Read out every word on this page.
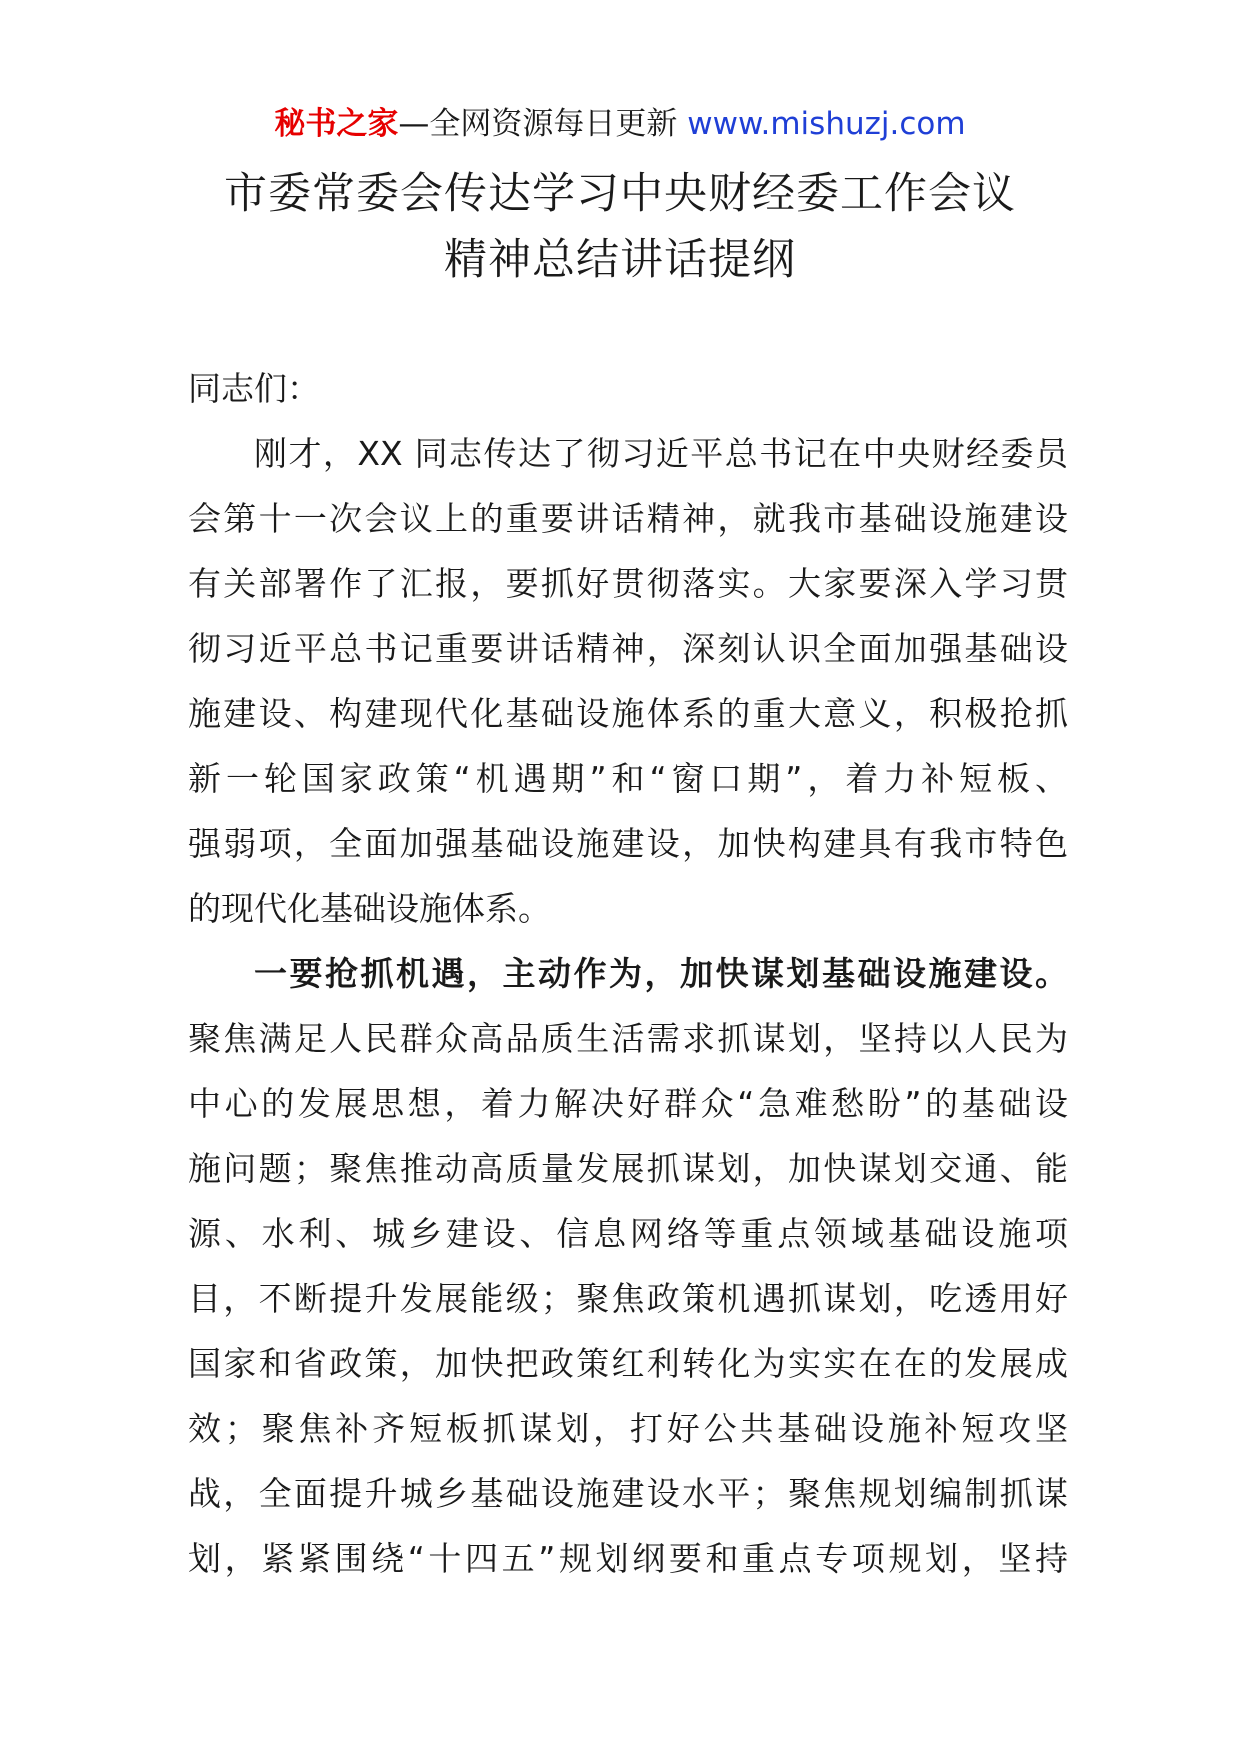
秘书之家—全网资源每日更新 www.mishuzj.com
市委常委会传达学习中央财经委工作会议
精神总结讲话提纲
同志们：
刚才，XX 同志传达了彻习近平总书记在中央财经委员
会第十一次会议上的重要讲话精神，就我市基础设施建设
有关部署作了汇报，要抓好贯彻落实。大家要深入学习贯
彻习近平总书记重要讲话精神，深刻认识全面加强基础设
施建设、构建现代化基础设施体系的重大意义，积极抢抓
新一轮国家政策“机遇期”和“窗口期”，着力补短板、
强弱项，全面加强基础设施建设，加快构建具有我市特色
的现代化基础设施体系。
一要抢抓机遇，主动作为，加快谋划基础设施建设。
聚焦满足人民群众高品质生活需求抓谋划，坚持以人民为
中心的发展思想，着力解决好群众“急难愁盼”的基础设
施问题；聚焦推动高质量发展抓谋划，加快谋划交通、能
源、水利、城乡建设、信息网络等重点领域基础设施项
目，不断提升发展能级；聚焦政策机遇抓谋划，吃透用好
国家和省政策，加快把政策红利转化为实实在在的发展成
效；聚焦补齐短板抓谋划，打好公共基础设施补短攻坚
战，全面提升城乡基础设施建设水平；聚焦规划编制抓谋
划，紧紧围绕“十四五”规划纲要和重点专项规划，坚持
